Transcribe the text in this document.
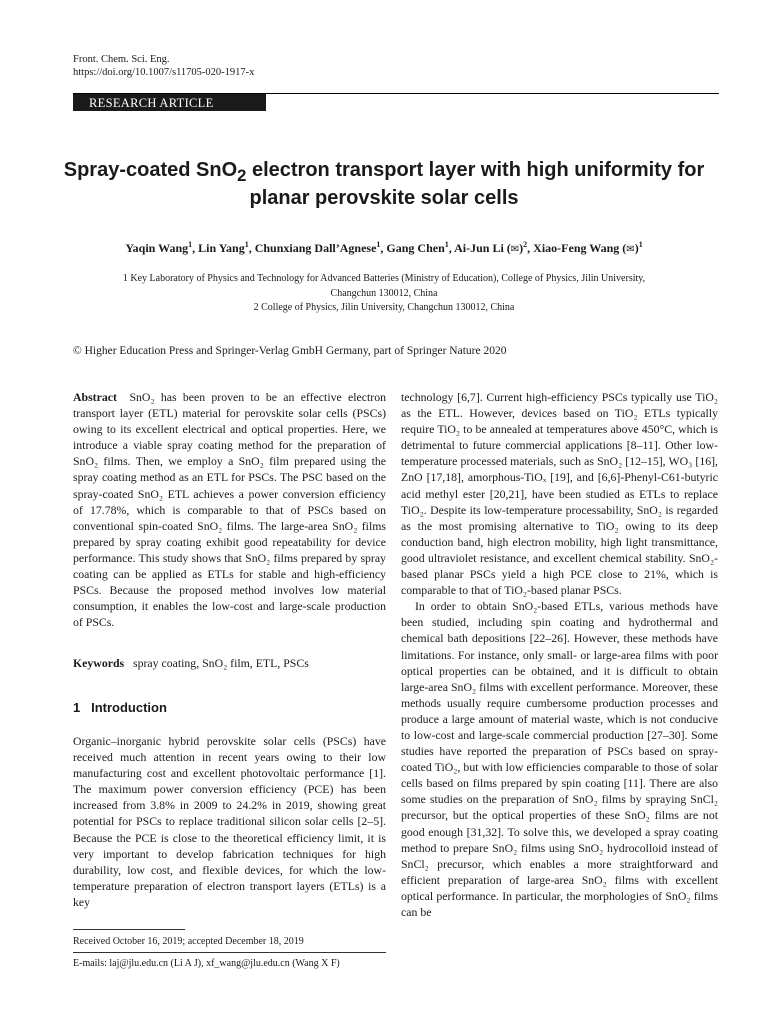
Front. Chem. Sci. Eng.
https://doi.org/10.1007/s11705-020-1917-x
RESEARCH ARTICLE
Spray-coated SnO$_2$ electron transport layer with high uniformity for planar perovskite solar cells
Yaqin Wang$^1$, Lin Yang$^1$, Chunxiang Dall’Agnese$^1$, Gang Chen$^1$, Ai-Jun Li (✉)$^2$, Xiao-Feng Wang (✉)$^1$
1 Key Laboratory of Physics and Technology for Advanced Batteries (Ministry of Education), College of Physics, Jilin University,
Changchun 130012, China
2 College of Physics, Jilin University, Changchun 130012, China
© Higher Education Press and Springer-Verlag GmbH Germany, part of Springer Nature 2020

Abstract SnO₂ has been proven to be an effective electron transport layer (ETL) material for perovskite solar cells (PSCs) owing to its excellent electrical and optical properties. Here, we introduce a viable spray coating method for the preparation of SnO₂ films. Then, we employ a SnO₂ film prepared using the spray coating method as an ETL for PSCs. The PSC based on the spray-coated SnO₂ ETL achieves a power conversion efficiency of 17.78%, which is comparable to that of PSCs based on conventional spin-coated SnO₂ films. The large-area SnO₂ films prepared by spray coating exhibit good repeatability for device performance. This study shows that SnO₂ films prepared by spray coating can be applied as ETLs for stable and high-efficiency PSCs. Because the proposed method involves low material consumption, it enables the low-cost and large-scale production of PSCs.

Keywords spray coating, SnO₂ film, ETL, PSCs
1 Introduction

Organic–inorganic hybrid perovskite solar cells (PSCs) have received much attention in recent years owing to their low manufacturing cost and excellent photovoltaic performance [1]. The maximum power conversion efficiency (PCE) has been increased from 3.8% in 2009 to 24.2% in 2019, showing great potential for PSCs to replace traditional silicon solar cells [2–5]. Because the PCE is close to the theoretical efficiency limit, it is very important to develop fabrication techniques for high durability, low cost, and flexible devices, for which the low-temperature preparation of electron transport layers (ETLs) is a key

technology [6,7]. Current high-efficiency PSCs typically use TiO₂ as the ETL. However, devices based on TiO₂ ETLs typically require TiO₂ to be annealed at temperatures above 450°C, which is detrimental to future commercial applications [8–11]. Other low-temperature processed materials, such as SnO₂ [12–15], WO₃ [16], ZnO [17,18], amorphous-TiOₓ [19], and [6,6]-Phenyl-C61-butyric acid methyl ester [20,21], have been studied as ETLs to replace TiO₂. Despite its low-temperature processability, SnO₂ is regarded as the most promising alternative to TiO₂ owing to its deep conduction band, high electron mobility, high light transmittance, good ultraviolet resistance, and excellent chemical stability. SnO₂-based planar PSCs yield a high PCE close to 21%, which is comparable to that of TiO₂-based planar PSCs.

In order to obtain SnO₂-based ETLs, various methods have been studied, including spin coating and hydrothermal and chemical bath depositions [22–26]. However, these methods have limitations. For instance, only small- or large-area films with poor optical properties can be obtained, and it is difficult to obtain large-area SnO₂ films with excellent performance. Moreover, these methods usually require cumbersome production processes and produce a large amount of material waste, which is not conducive to low-cost and large-scale commercial production [27–30]. Some studies have reported the preparation of PSCs based on spray-coated TiO₂, but with low efficiencies comparable to those of solar cells based on films prepared by spin coating [11]. There are also some studies on the preparation of SnO₂ films by spraying SnCl₂ precursor, but the optical properties of these SnO₂ films are not good enough [31,32]. To solve this, we developed a spray coating method to prepare SnO₂ films using SnO₂ hydrocolloid instead of SnCl₂ precursor, which enables a more straightforward and efficient preparation of large-area SnO₂ films with excellent optical performance. In particular, the morphologies of SnO₂ films can be

Received October 16, 2019; accepted December 18, 2019
E-mails: laj@jlu.edu.cn (Li A J), xf_wang@jlu.edu.cn (Wang X F)
